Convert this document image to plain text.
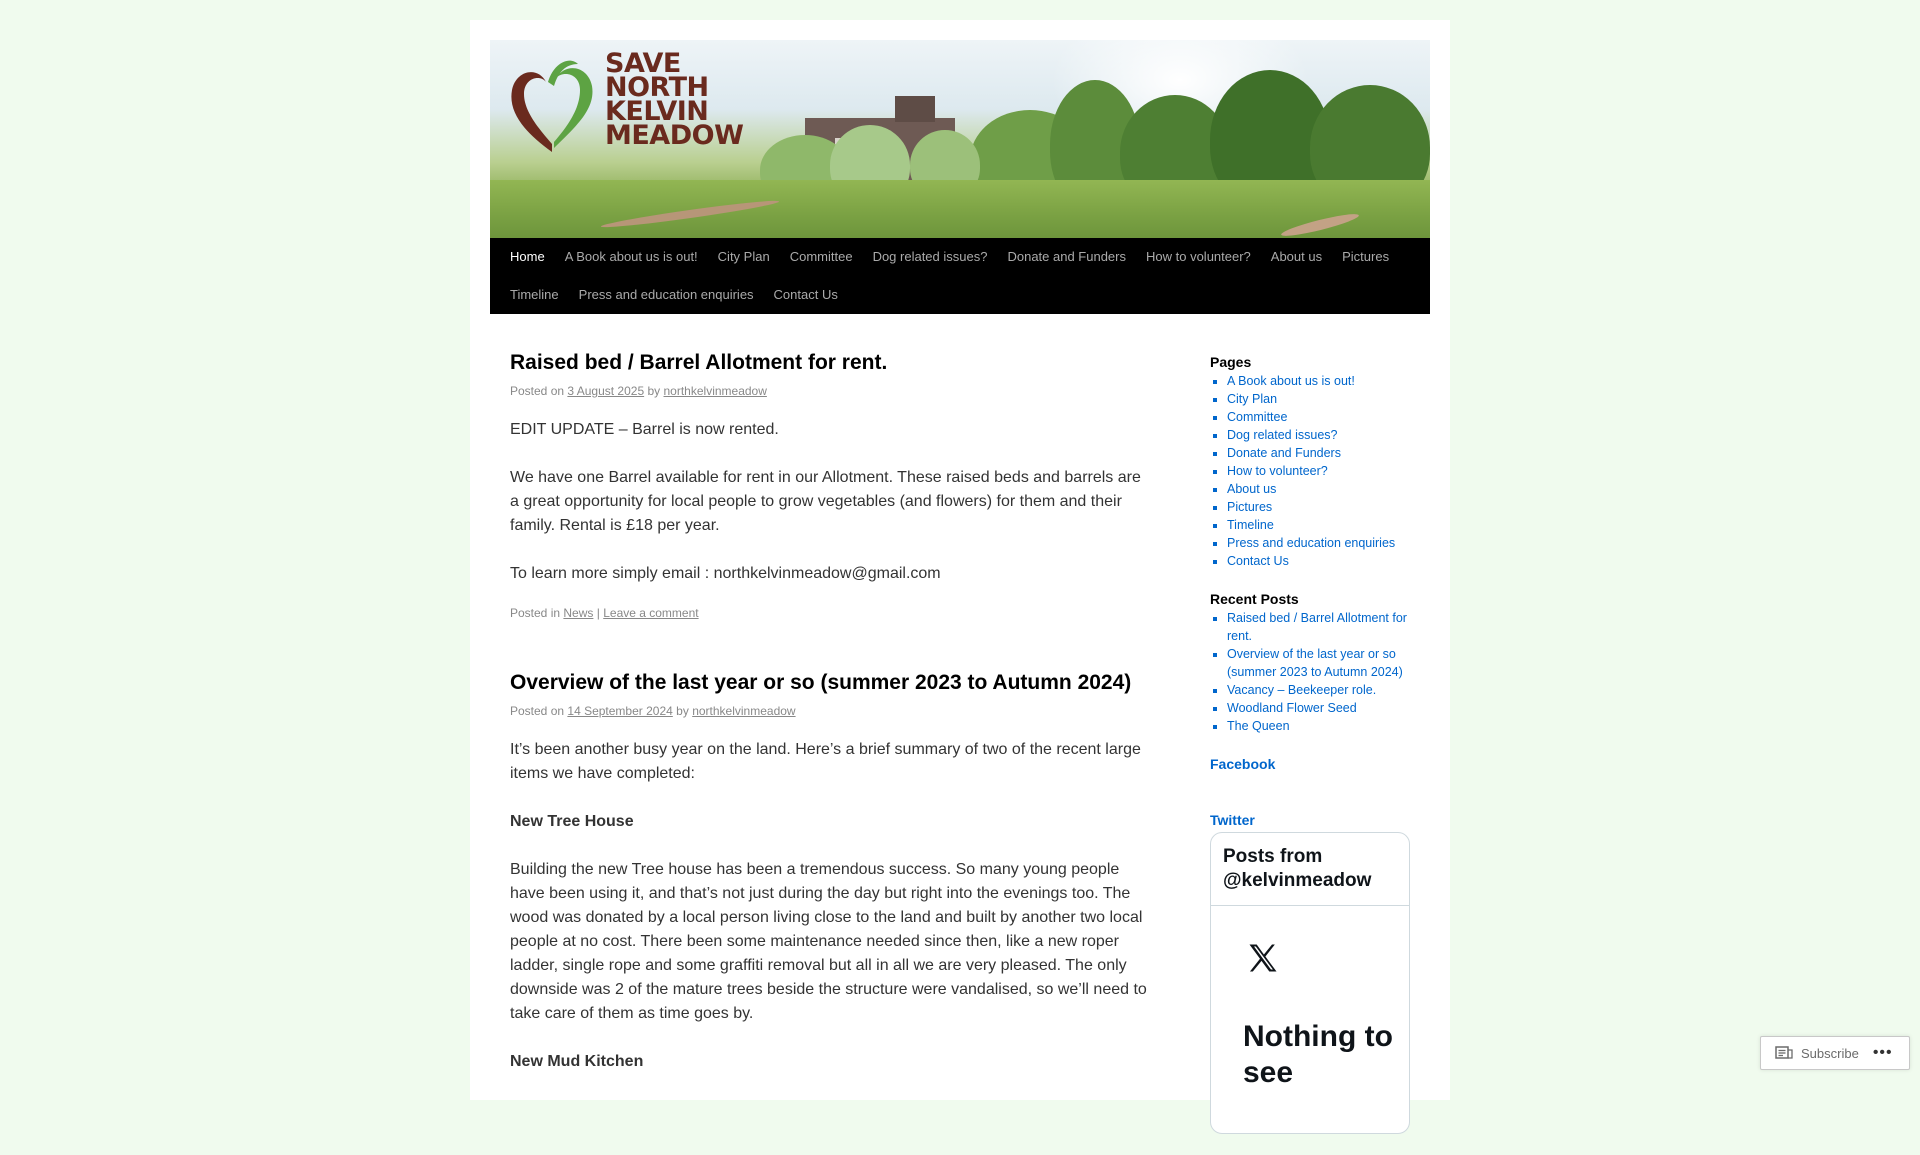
SAVE
NORTH
KELVIN
MEADOW
Home	A Book about us is out!	City Plan	Committee	Dog related issues?	Donate and Funders	How to volunteer?	About us	Pictures
Timeline	Press and education enquiries	Contact Us
Raised bed / Barrel Allotment for rent.
Posted on 3 August 2025 by northkelvinmeadow

EDIT UPDATE – Barrel is now rented.

We have one Barrel available for rent in our Allotment. These raised beds and barrels are a great opportunity for local people to grow vegetables (and flowers) for them and their family. Rental is £18 per year.

To learn more simply email : northkelvinmeadow@gmail.com

Posted in News | Leave a comment
Overview of the last year or so (summer 2023 to Autumn 2024)
Posted on 14 September 2024 by northkelvinmeadow

It’s been another busy year on the land. Here’s a brief summary of two of the recent large items we have completed:

New Tree House

Building the new Tree house has been a tremendous success. So many young people have been using it, and that’s not just during the day but right into the evenings too. The wood was donated by a local person living close to the land and built by another two local people at no cost. There been some maintenance needed since then, like a new roper ladder, single rope and some graffiti removal but all in all we are very pleased. The only downside was 2 of the mature trees beside the structure were vandalised, so we’ll need to take care of them as time goes by.

New Mud Kitchen

Pages
▪ A Book about us is out!
▪ City Plan
▪ Committee
▪ Dog related issues?
▪ Donate and Funders
▪ How to volunteer?
▪ About us
▪ Pictures
▪ Timeline
▪ Press and education enquiries
▪ Contact Us
Recent Posts
▪ Raised bed / Barrel Allotment for rent.
▪ Overview of the last year or so (summer 2023 to Autumn 2024)
▪ Vacancy – Beekeeper role.
▪ Woodland Flower Seed
▪ The Queen
Facebook
Twitter
Posts from @kelvinmeadow
Nothing to see
Subscribe •••
